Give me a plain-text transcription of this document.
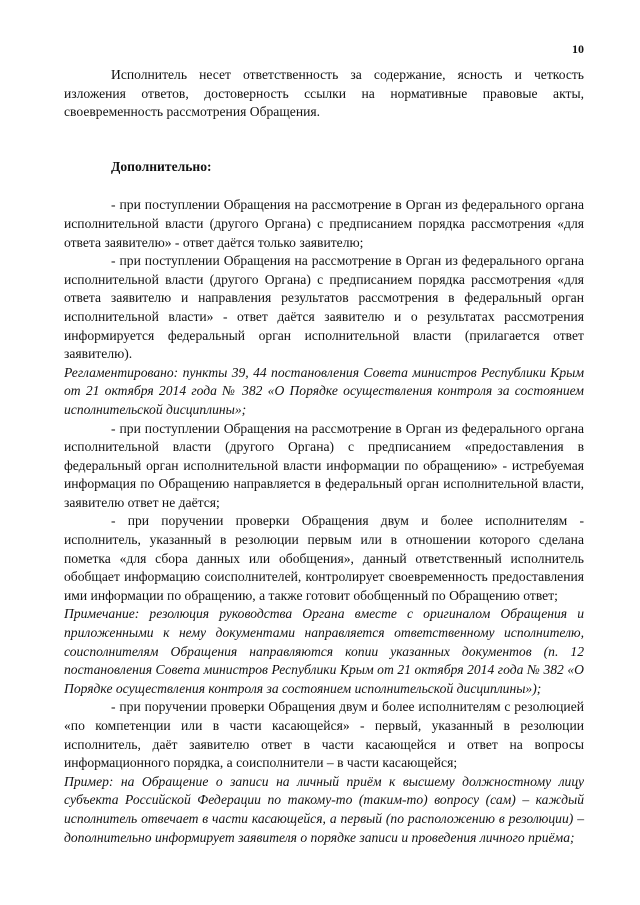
10

Исполнитель несет ответственность за содержание, ясность и четкость изложения ответов, достоверность ссылки на нормативные правовые акты, своевременность рассмотрения Обращения.

Дополнительно:

- при поступлении Обращения на рассмотрение в Орган из федерального органа исполнительной власти (другого Органа) с предписанием порядка рассмотрения «для ответа заявителю» - ответ даётся только заявителю;

- при поступлении Обращения на рассмотрение в Орган из федерального органа исполнительной власти (другого Органа) с предписанием порядка рассмотрения «для ответа заявителю и направления результатов рассмотрения в федеральный орган исполнительной власти» - ответ даётся заявителю и о результатах рассмотрения информируется федеральный орган исполнительной власти (прилагается ответ заявителю).

Регламентировано: пункты 39, 44 постановления Совета министров Республики Крым от 21 октября 2014 года № 382 «О Порядке осуществления контроля за состоянием исполнительской дисциплины»;

- при поступлении Обращения на рассмотрение в Орган из федерального органа исполнительной власти (другого Органа) с предписанием «предоставления в федеральный орган исполнительной власти информации по обращению» - истребуемая информация по Обращению направляется в федеральный орган исполнительной власти, заявителю ответ не даётся;

- при поручении проверки Обращения двум и более исполнителям - исполнитель, указанный в резолюции первым или в отношении которого сделана пометка «для сбора данных или обобщения», данный ответственный исполнитель обобщает информацию соисполнителей, контролирует своевременность предоставления ими информации по обращению, а также готовит обобщенный по Обращению ответ;

Примечание: резолюция руководства Органа вместе с оригиналом Обращения и приложенными к нему документами направляется ответственному исполнителю, соисполнителям Обращения направляются копии указанных документов (п. 12 постановления Совета министров Республики Крым от 21 октября 2014 года № 382 «О Порядке осуществления контроля за состоянием исполнительской дисциплины»);

- при поручении проверки Обращения двум и более исполнителям с резолюцией «по компетенции или в части касающейся» - первый, указанный в резолюции исполнитель, даёт заявителю ответ в части касающейся и ответ на вопросы информационного порядка, а соисполнители – в части касающейся;

Пример: на Обращение о записи на личный приём к высшему должностному лицу субъекта Российской Федерации по такому-то (таким-то) вопросу (сам) – каждый исполнитель отвечает в части касающейся, а первый (по расположению в резолюции) – дополнительно информирует заявителя о порядке записи и проведения личного приёма;
